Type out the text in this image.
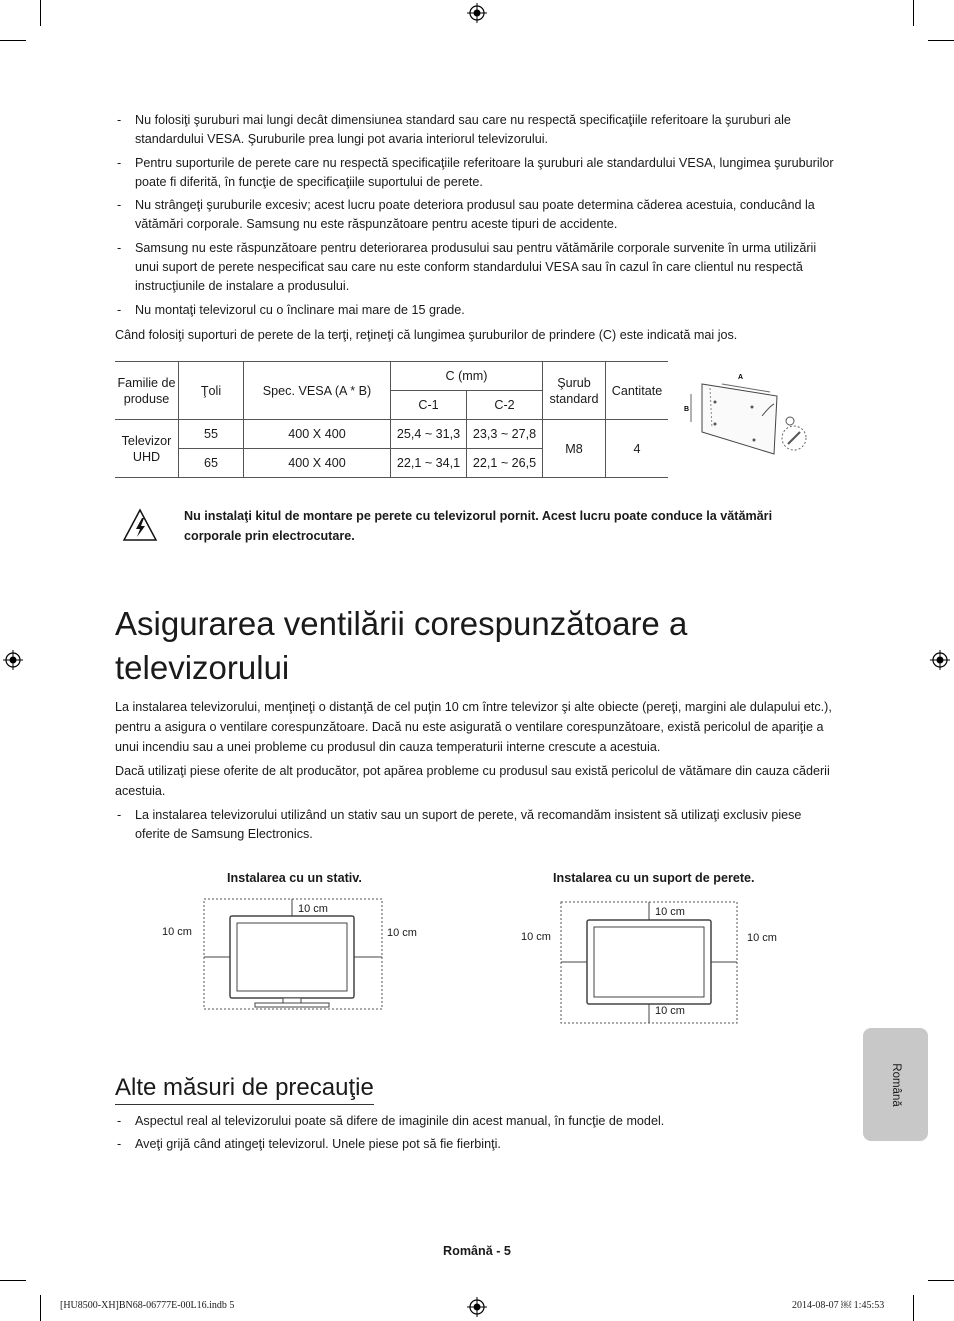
- Nu folosiţi şuruburi mai lungi decât dimensiunea standard sau care nu respectă specificaţiile referitoare la şuruburi ale standardului VESA. Şuruburile prea lungi pot avaria interiorul televizorului.
- Pentru suporturile de perete care nu respectă specificaţiile referitoare la şuruburi ale standardului VESA, lungimea şuruburilor poate fi diferită, în funcţie de specificaţiile suportului de perete.
- Nu strângeţi şuruburile excesiv; acest lucru poate deteriora produsul sau poate determina căderea acestuia, conducând la vătămări corporale. Samsung nu este răspunzătoare pentru aceste tipuri de accidente.
- Samsung nu este răspunzătoare pentru deteriorarea produsului sau pentru vătămările corporale survenite în urma utilizării unui suport de perete nespecificat sau care nu este conform standardului VESA sau în cazul în care clientul nu respectă instrucţiunile de instalare a produsului.
- Nu montaţi televizorul cu o înclinare mai mare de 15 grade.
Când folosiţi suporturi de perete de la terţi, reţineţi că lungimea şuruburilor de prindere (C) este indicată mai jos.
Familie de produse	Ţoli	Spec. VESA (A * B)	C (mm)		Şurub standard	Cantitate
			C-1	C-2		
Televizor UHD	55	400 X 400	25,4 ~ 31,3	23,3 ~ 27,8	M8	4
	65	400 X 400	22,1 ~ 34,1	22,1 ~ 26,5		
A
B
Nu instalaţi kitul de montare pe perete cu televizorul pornit. Acest lucru poate conduce la vătămări corporale prin electrocutare.
Asigurarea ventilării corespunzătoare a televizorului
La instalarea televizorului, menţineţi o distanţă de cel puţin 10 cm între televizor şi alte obiecte (pereţi, margini ale dulapului etc.), pentru a asigura o ventilare corespunzătoare. Dacă nu este asigurată o ventilare corespunzătoare, există pericolul de apariţie a unui incendiu sau a unei probleme cu produsul din cauza temperaturii interne crescute a acestuia.
Dacă utilizaţi piese oferite de alt producător, pot apărea probleme cu produsul sau există pericolul de vătămare din cauza căderii acestuia.
- La instalarea televizorului utilizând un stativ sau un suport de perete, vă recomandăm insistent să utilizaţi exclusiv piese oferite de Samsung Electronics.
Instalarea cu un stativ.
10 cm
10 cm	10 cm
Instalarea cu un suport de perete.
10 cm
10 cm	10 cm
10 cm
Alte măsuri de precauţie
- Aspectul real al televizorului poate să difere de imaginile din acest manual, în funcţie de model.
- Aveţi grijă când atingeţi televizorul. Unele piese pot să fie fierbinţi.
Română
Română - 5
[HU8500-XH]BN68-06777E-00L16.indb 5	2014-08-07 ￼ 1:45:53
